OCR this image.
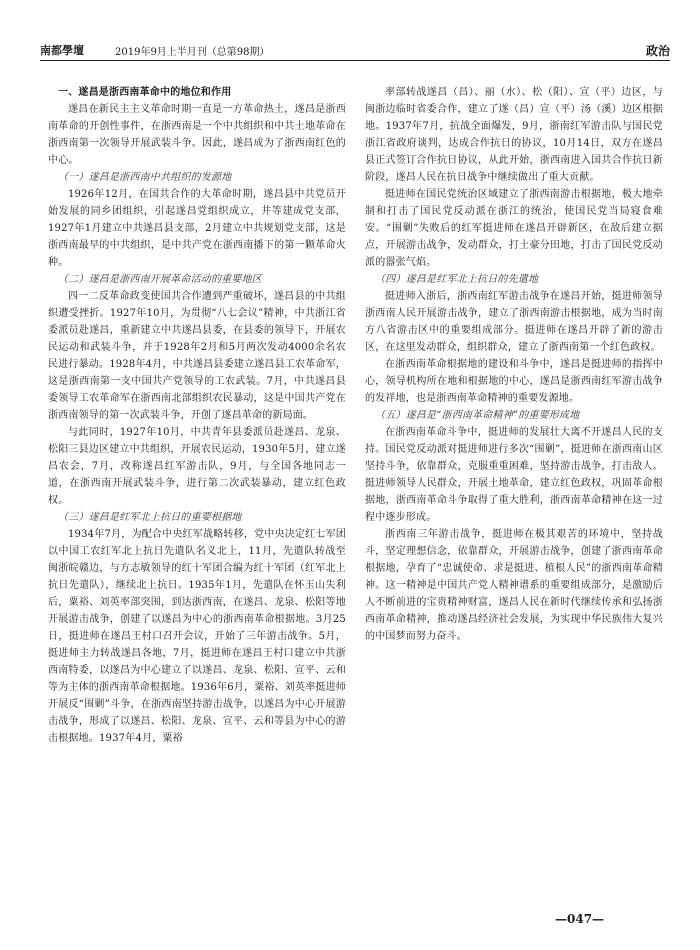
南都學壇	2019年9月上半月刊（总第98期）	政治

一、遂昌是浙西南革命中的地位和作用

遂昌在新民主主义革命时期一直是一方革命热土，遂昌是浙西南革命的开创性事件，在浙西南是一个中共组织和中共土地革命在浙西南第一次领导开展武装斗争。因此，遂昌成为了浙西南红色的中心。

（一）遂昌是浙西南中共组织的发源地

1926年12月，在国共合作的大革命时期，遂昌县中共党员开始发展的同乡团组织，引起遂昌党组织成立，井等建成党支部，1927年1月建立中共遂昌县支部，2月建立中共规划党支部，这是浙西南最早的中共组织，是中共产党在浙西南播下的第一颗革命火种。

（二）遂昌是浙西南开展革命活动的重要地区

四一二反革命政变使国共合作遭到严重破坏，遂昌县的中共组织遭受挫折。1927年10月，为贯彻“八七会议”精神，中共浙江省委派员赴遂昌，重新建立中共遂昌县委，在县委的领导下，开展农民运动和武装斗争，并于1928年2月和5月两次发动4000余名农民进行暴动。1928年4月，中共遂昌县委建立遂昌县工农革命军，这是浙西南第一支中国共产党领导的工农武装。7月，中共遂昌县委领导工农革命军在浙西南北部组织农民暴动，这是中国共产党在浙西南领导的第一次武装斗争，开创了遂昌革命的新局面。

与此同时，1927年10月，中共青年县委派员赴遂昌、龙泉、松阳三县边区建立中共组织，开展农民运动，1930年5月，建立遂昌农会，7月，改称遂昌红军游击队，9月，与全国各地同志一道，在浙西南开展武装斗争，进行第二次武装暴动，建立红色政权。

（三）遂昌是红军北上抗日的重要根据地

1934年7月，为配合中央红军战略转移，党中央决定红七军团以中国工农红军北上抗日先遣队名义北上，11月，先遣队转战至闽浙皖赣边，与方志敏领导的红十军团合编为红十军团（红军北上抗日先遣队），继续北上抗日。1935年1月，先遣队在怀玉山失利后，粟裕、刘英率部突围，到达浙西南，在遂昌、龙泉、松阳等地开展游击战争，创建了以遂昌为中心的浙西南革命根据地。3月25日，挺进师在遂昌王村口召开会议，开始了三年游击战争。5月，挺进师主力转战遂昌各地，7月，挺进师在遂昌王村口建立中共浙西南特委，以遂昌为中心建立了以遂昌、龙泉、松阳、宣平、云和等为主体的浙西南革命根据地。1936年6月，粟裕、刘英率挺进师开展反“围剿”斗争，在浙西南坚持游击战争，以遂昌为中心开展游击战争，形成了以遂昌、松阳、龙泉、宣平、云和等县为中心的游击根据地。1937年4月，粟裕

率部转战遂昌（昌）、丽（水）、松（阳）、宣（平）边区，与闽浙边临时省委合作，建立了遂（昌）宣（平）汤（溪）边区根据地。1937年7月，抗战全面爆发，9月，浙南红军游击队与国民党浙江省政府谈判，达成合作抗日的协议，10月14日，双方在遂昌县正式签订合作抗日协议，从此开始，浙西南进入国共合作抗日新阶段，遂昌人民在抗日战争中继续做出了重大贡献。

挺进师在国民党统治区域建立了浙西南游击根据地，极大地牵制和打击了国民党反动派在浙江的统治，使国民党当局寝食难安。“围剿”失败后的红军挺进师在遂昌开辟新区，在敌后建立据点，开展游击战争，发动群众，打土豪分田地，打击了国民党反动派的嚣张气焰。

（四）遂昌是红军北上抗日的先遣地

挺进师入浙后，浙西南红军游击战争在遂昌开始，挺进师领导浙西南人民开展游击战争，建立了浙西南游击根据地，成为当时南方八省游击区中的重要组成部分。挺进师在遂昌开辟了新的游击区，在这里发动群众，组织群众，建立了浙西南第一个红色政权。

在浙西南革命根据地的建设和斗争中，遂昌是挺进师的指挥中心，领导机构所在地和根据地的中心，遂昌是浙西南红军游击战争的发祥地，也是浙西南革命精神的重要发源地。

（五）遂昌是“浙西南革命精神”的重要形成地

在浙西南革命斗争中，挺进师的发展壮大离不开遂昌人民的支持。国民党反动派对挺进师进行多次“围剿”，挺进师在浙西南山区坚持斗争，依靠群众，克服重重困难，坚持游击战争，打击敌人。挺进师领导人民群众，开展土地革命，建立红色政权，巩固革命根据地，浙西南革命斗争取得了重大胜利，浙西南革命精神在这一过程中逐步形成。

浙西南三年游击战争，挺进师在极其艰苦的环境中，坚持战斗，坚定理想信念，依靠群众，开展游击战争，创建了浙西南革命根据地，孕育了“忠诚使命、求是挺进、植根人民”的浙西南革命精神。这一精神是中国共产党人精神谱系的重要组成部分，是激励后人不断前进的宝贵精神财富，遂昌人民在新时代继续传承和弘扬浙西南革命精神，推动遂昌经济社会发展，为实现中华民族伟大复兴的中国梦而努力奋斗。

—047—
